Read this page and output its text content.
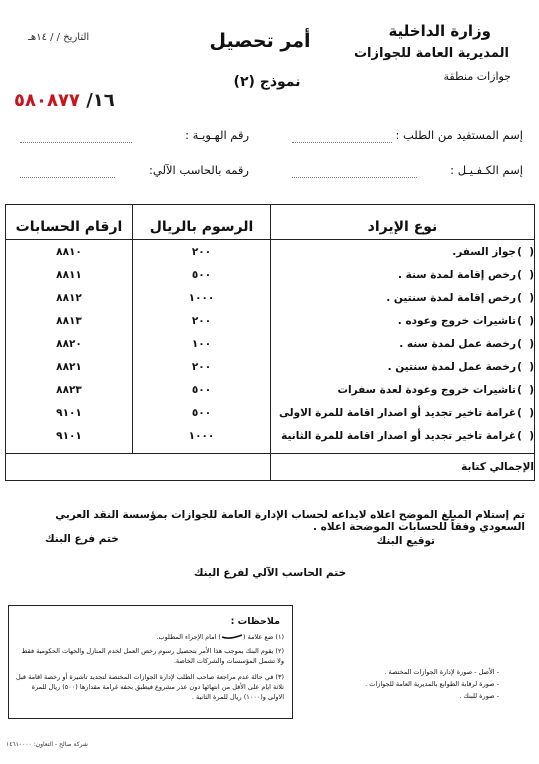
وزارة الداخلية
المديرية العامة للجوازات
جوازات منطقة
أمر تحصيل
نموذج (٢)
التاريخ / / ١٤هـ
١٦/ ٥٨٠٨٧٧
إسم المستفيد من الطلب :
رقم الهـويـة :
إسم الكـفـيـل :
رقمه بالحاسب الآلي:
نوع الإيراد	الرسوم بالريال	ارقام الحسابات
(  )جواز السفر.	٢٠٠	٨٨١٠
(  )رخص إقامة لمدة سنة .	٥٠٠	٨٨١١
(  )رخص إقامة لمدة سنتين .	١٠٠٠	٨٨١٢
(  )تاشيرات خروج وعوده .	٢٠٠	٨٨١٣
(  )رخصة عمل لمدة سنه .	١٠٠	٨٨٢٠
(  )رخصة عمل لمدة سنتين .	٢٠٠	٨٨٢١
(  )تاشيرات خروج وعودة لعدة سفرات	٥٠٠	٨٨٢٣
(  )غرامة تاخير تجديد أو اصدار اقامة للمرة الاولى	٥٠٠	٩١٠١
(  )غرامة تاخير تجديد أو اصدار اقامة للمرة الثانية	١٠٠٠	٩١٠١

الإجمالي كتابة		
تم إستلام المبلغ الموضح اعلاه لايداعه لحساب الإدارة العامة للجوازات بمؤسسة النقد العربي السعودي وفقاً للحسابات الموضحة اعلاه .
توقيع البنك
ختم فرع البنك
ختم الحاسب الآلي لفرع البنك
ملاحظات :
(١) ضع علامة () امام الإجراء المطلوب.
(٢) يقوم البنك بموجب هذا الأمر بتحصيل رسوم رخص العمل لخدم المنازل والجهات الحكومية فقط ولا تشمل المؤسسات والشركات الخاصة.
(٣) في حالة عدم مراجعة صاحب الطلب لإدارة الجوازات المختصة لتجديد تاشيرة أو رخصة اقامة قبل ثلاثة ايام على الأقل من انتهائها دون عذر مشروع فيطبق بحقه غرامة مقدارها (٥٠٠) ريال للمرة الاولى و(١٠٠٠) ريال للمرة الثانية .
- الأصل - صورة لإدارة الجوازات المختصة .
- صورة لرقابة الطوابع بالمديرية العامة للجوازات .
- صورة للبنك .
شركة صالح - التعاون: ١٤٦١٠٠٠٠
